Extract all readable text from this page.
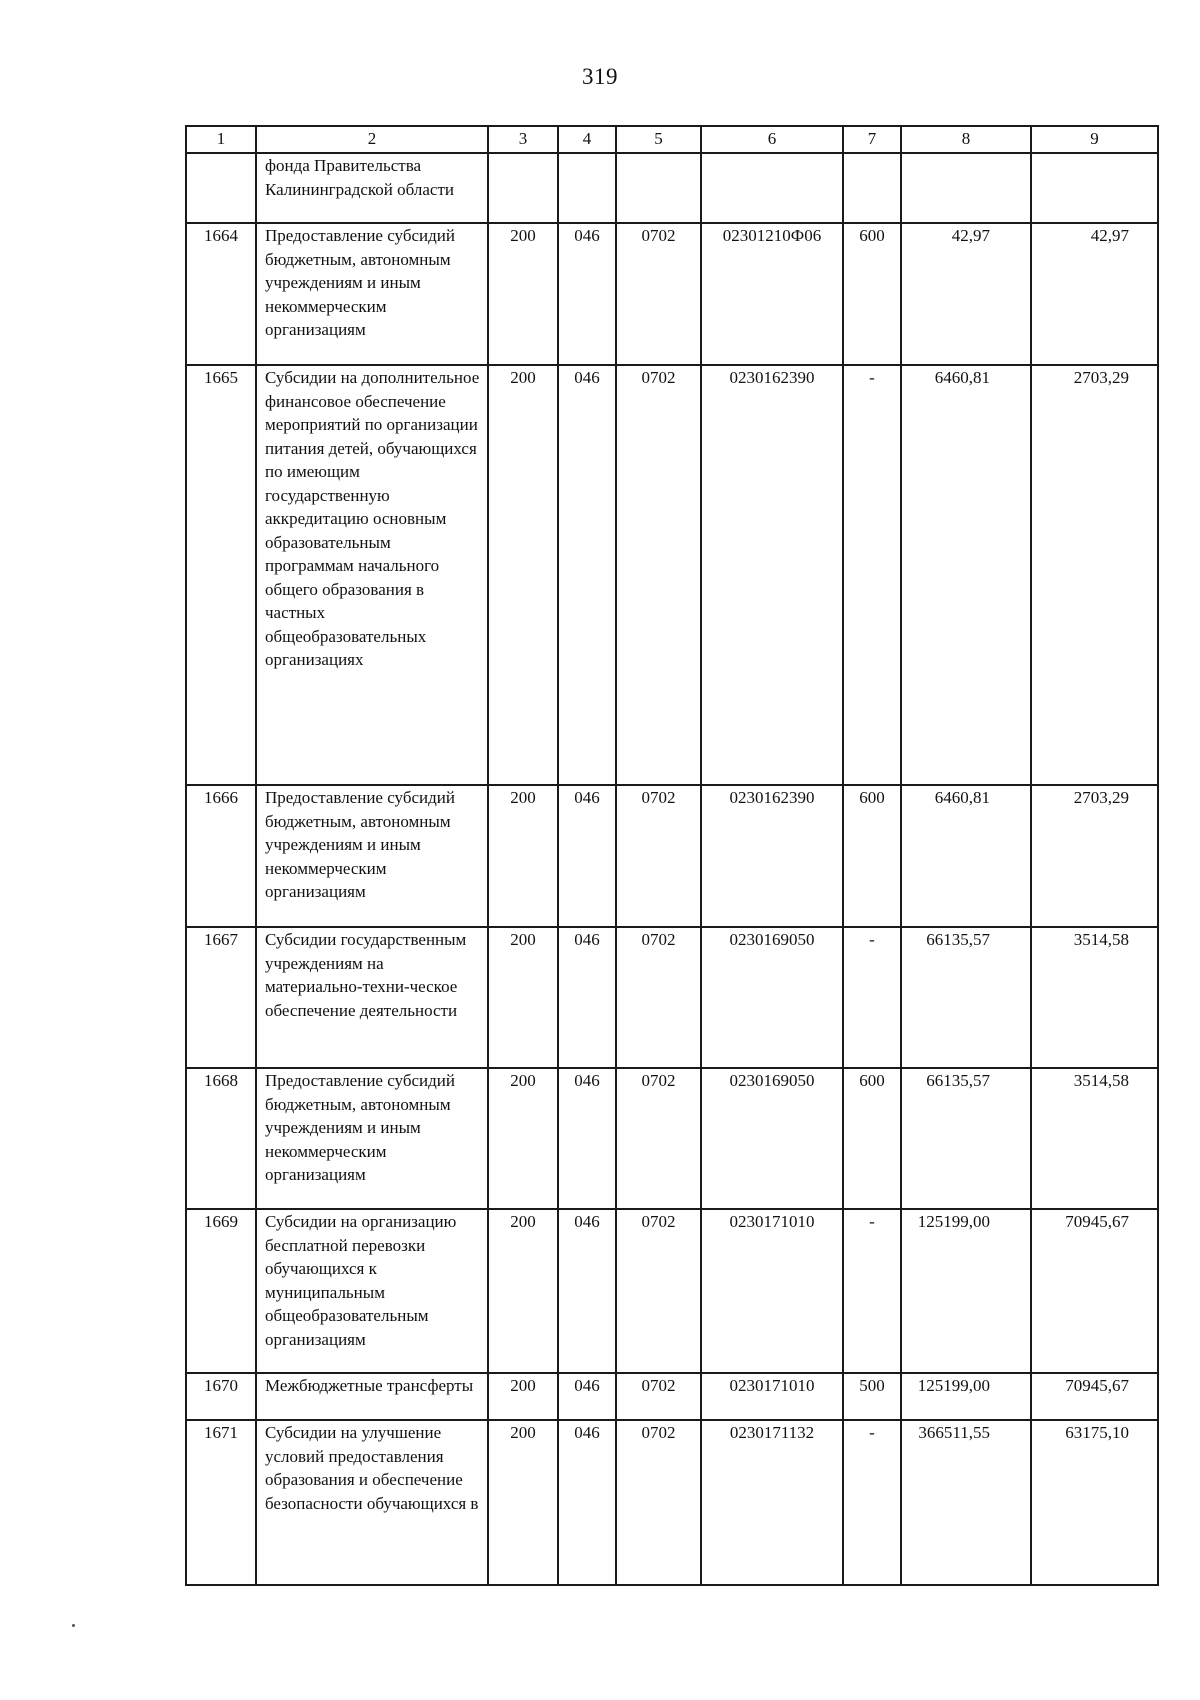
319
1	2	3	4	5	6	7	8	9
	фонда Правительства Калининградской области							
1664	Предоставление субсидий бюджетным, автономным учреждениям и иным некоммерческим организациям	200	046	0702	02301210Ф06	600	42,97	42,97
1665	Субсидии на дополнительное финансовое обеспечение мероприятий по организации питания детей, обучающихся по имеющим государственную аккредитацию основным образовательным программам начального общего образования в частных общеобразовательных организациях	200	046	0702	0230162390	-	6460,81	2703,29
1666	Предоставление субсидий бюджетным, автономным учреждениям и иным некоммерческим организациям	200	046	0702	0230162390	600	6460,81	2703,29
1667	Субсидии государственным учреждениям на материально-техни-ческое обеспечение деятельности	200	046	0702	0230169050	-	66135,57	3514,58
1668	Предоставление субсидий бюджетным, автономным учреждениям и иным некоммерческим организациям	200	046	0702	0230169050	600	66135,57	3514,58
1669	Субсидии на организацию бесплатной перевозки обучающихся к муниципальным общеобразовательным организациям	200	046	0702	0230171010	-	125199,00	70945,67
1670	Межбюджетные трансферты	200	046	0702	0230171010	500	125199,00	70945,67
1671	Субсидии на улучшение условий предоставления образования и обеспечение безопасности обучающихся в	200	046	0702	0230171132	-	366511,55	63175,10
